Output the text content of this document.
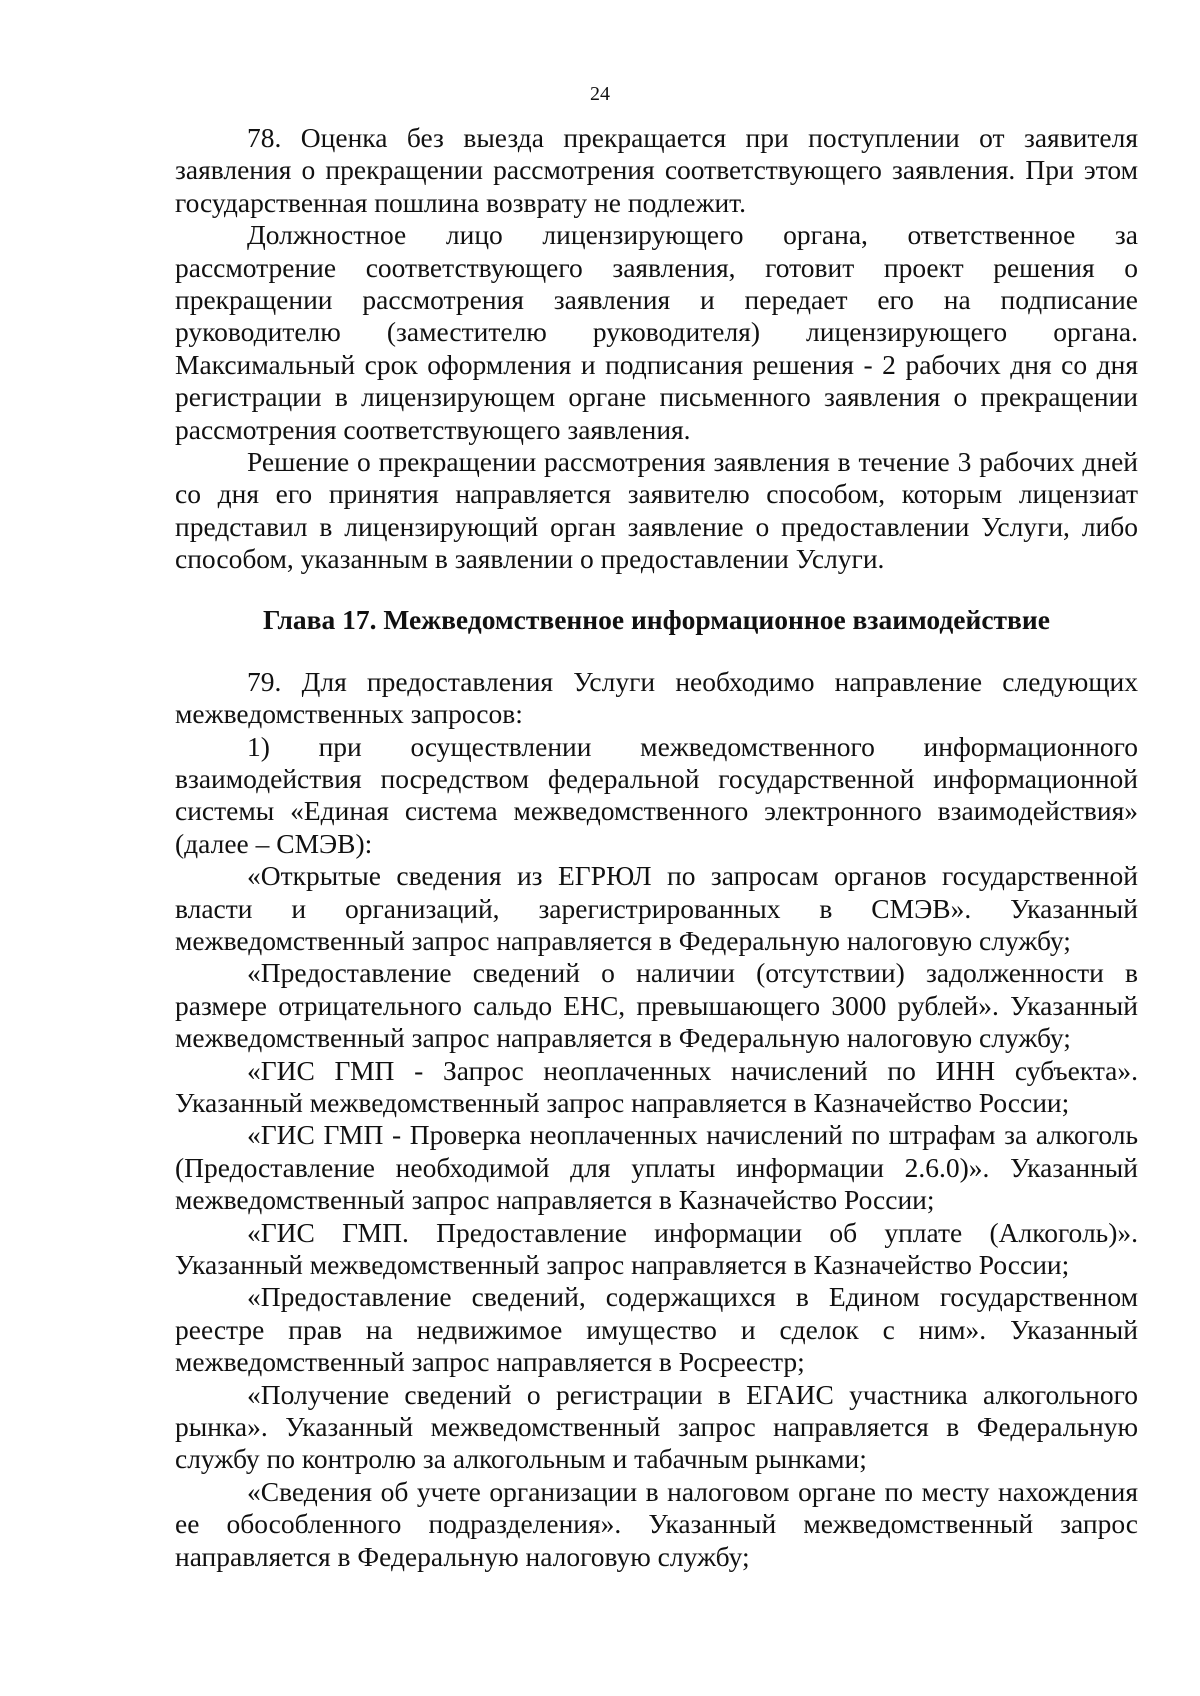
24

78. Оценка без выезда прекращается при поступлении от заявителя заявления о прекращении рассмотрения соответствующего заявления. При этом государственная пошлина возврату не подлежит.

Должностное лицо лицензирующего органа, ответственное за рассмотрение соответствующего заявления, готовит проект решения о прекращении рассмотрения заявления и передает его на подписание руководителю (заместителю руководителя) лицензирующего органа. Максимальный срок оформления и подписания решения - 2 рабочих дня со дня регистрации в лицензирующем органе письменного заявления о прекращении рассмотрения соответствующего заявления.

Решение о прекращении рассмотрения заявления в течение 3 рабочих дней со дня его принятия направляется заявителю способом, которым лицензиат представил в лицензирующий орган заявление о предоставлении Услуги, либо способом, указанным в заявлении о предоставлении Услуги.

Глава 17. Межведомственное информационное взаимодействие

79. Для предоставления Услуги необходимо направление следующих межведомственных запросов:

1) при осуществлении межведомственного информационного взаимодействия посредством федеральной государственной информационной системы «Единая система межведомственного электронного взаимодействия» (далее – СМЭВ):

«Открытые сведения из ЕГРЮЛ по запросам органов государственной власти и организаций, зарегистрированных в СМЭВ». Указанный межведомственный запрос направляется в Федеральную налоговую службу;

«Предоставление сведений о наличии (отсутствии) задолженности в размере отрицательного сальдо ЕНС, превышающего 3000 рублей». Указанный межведомственный запрос направляется в Федеральную налоговую службу;

«ГИС ГМП - Запрос неоплаченных начислений по ИНН субъекта». Указанный межведомственный запрос направляется в Казначейство России;

«ГИС ГМП - Проверка неоплаченных начислений по штрафам за алкоголь (Предоставление необходимой для уплаты информации 2.6.0)». Указанный межведомственный запрос направляется в Казначейство России;

«ГИС ГМП. Предоставление информации об уплате (Алкоголь)». Указанный межведомственный запрос направляется в Казначейство России;

«Предоставление сведений, содержащихся в Едином государственном реестре прав на недвижимое имущество и сделок с ним». Указанный межведомственный запрос направляется в Росреестр;

«Получение сведений о регистрации в ЕГАИС участника алкогольного рынка». Указанный межведомственный запрос направляется в Федеральную службу по контролю за алкогольным и табачным рынками;

«Сведения об учете организации в налоговом органе по месту нахождения ее обособленного подразделения». Указанный межведомственный запрос направляется в Федеральную налоговую службу;
